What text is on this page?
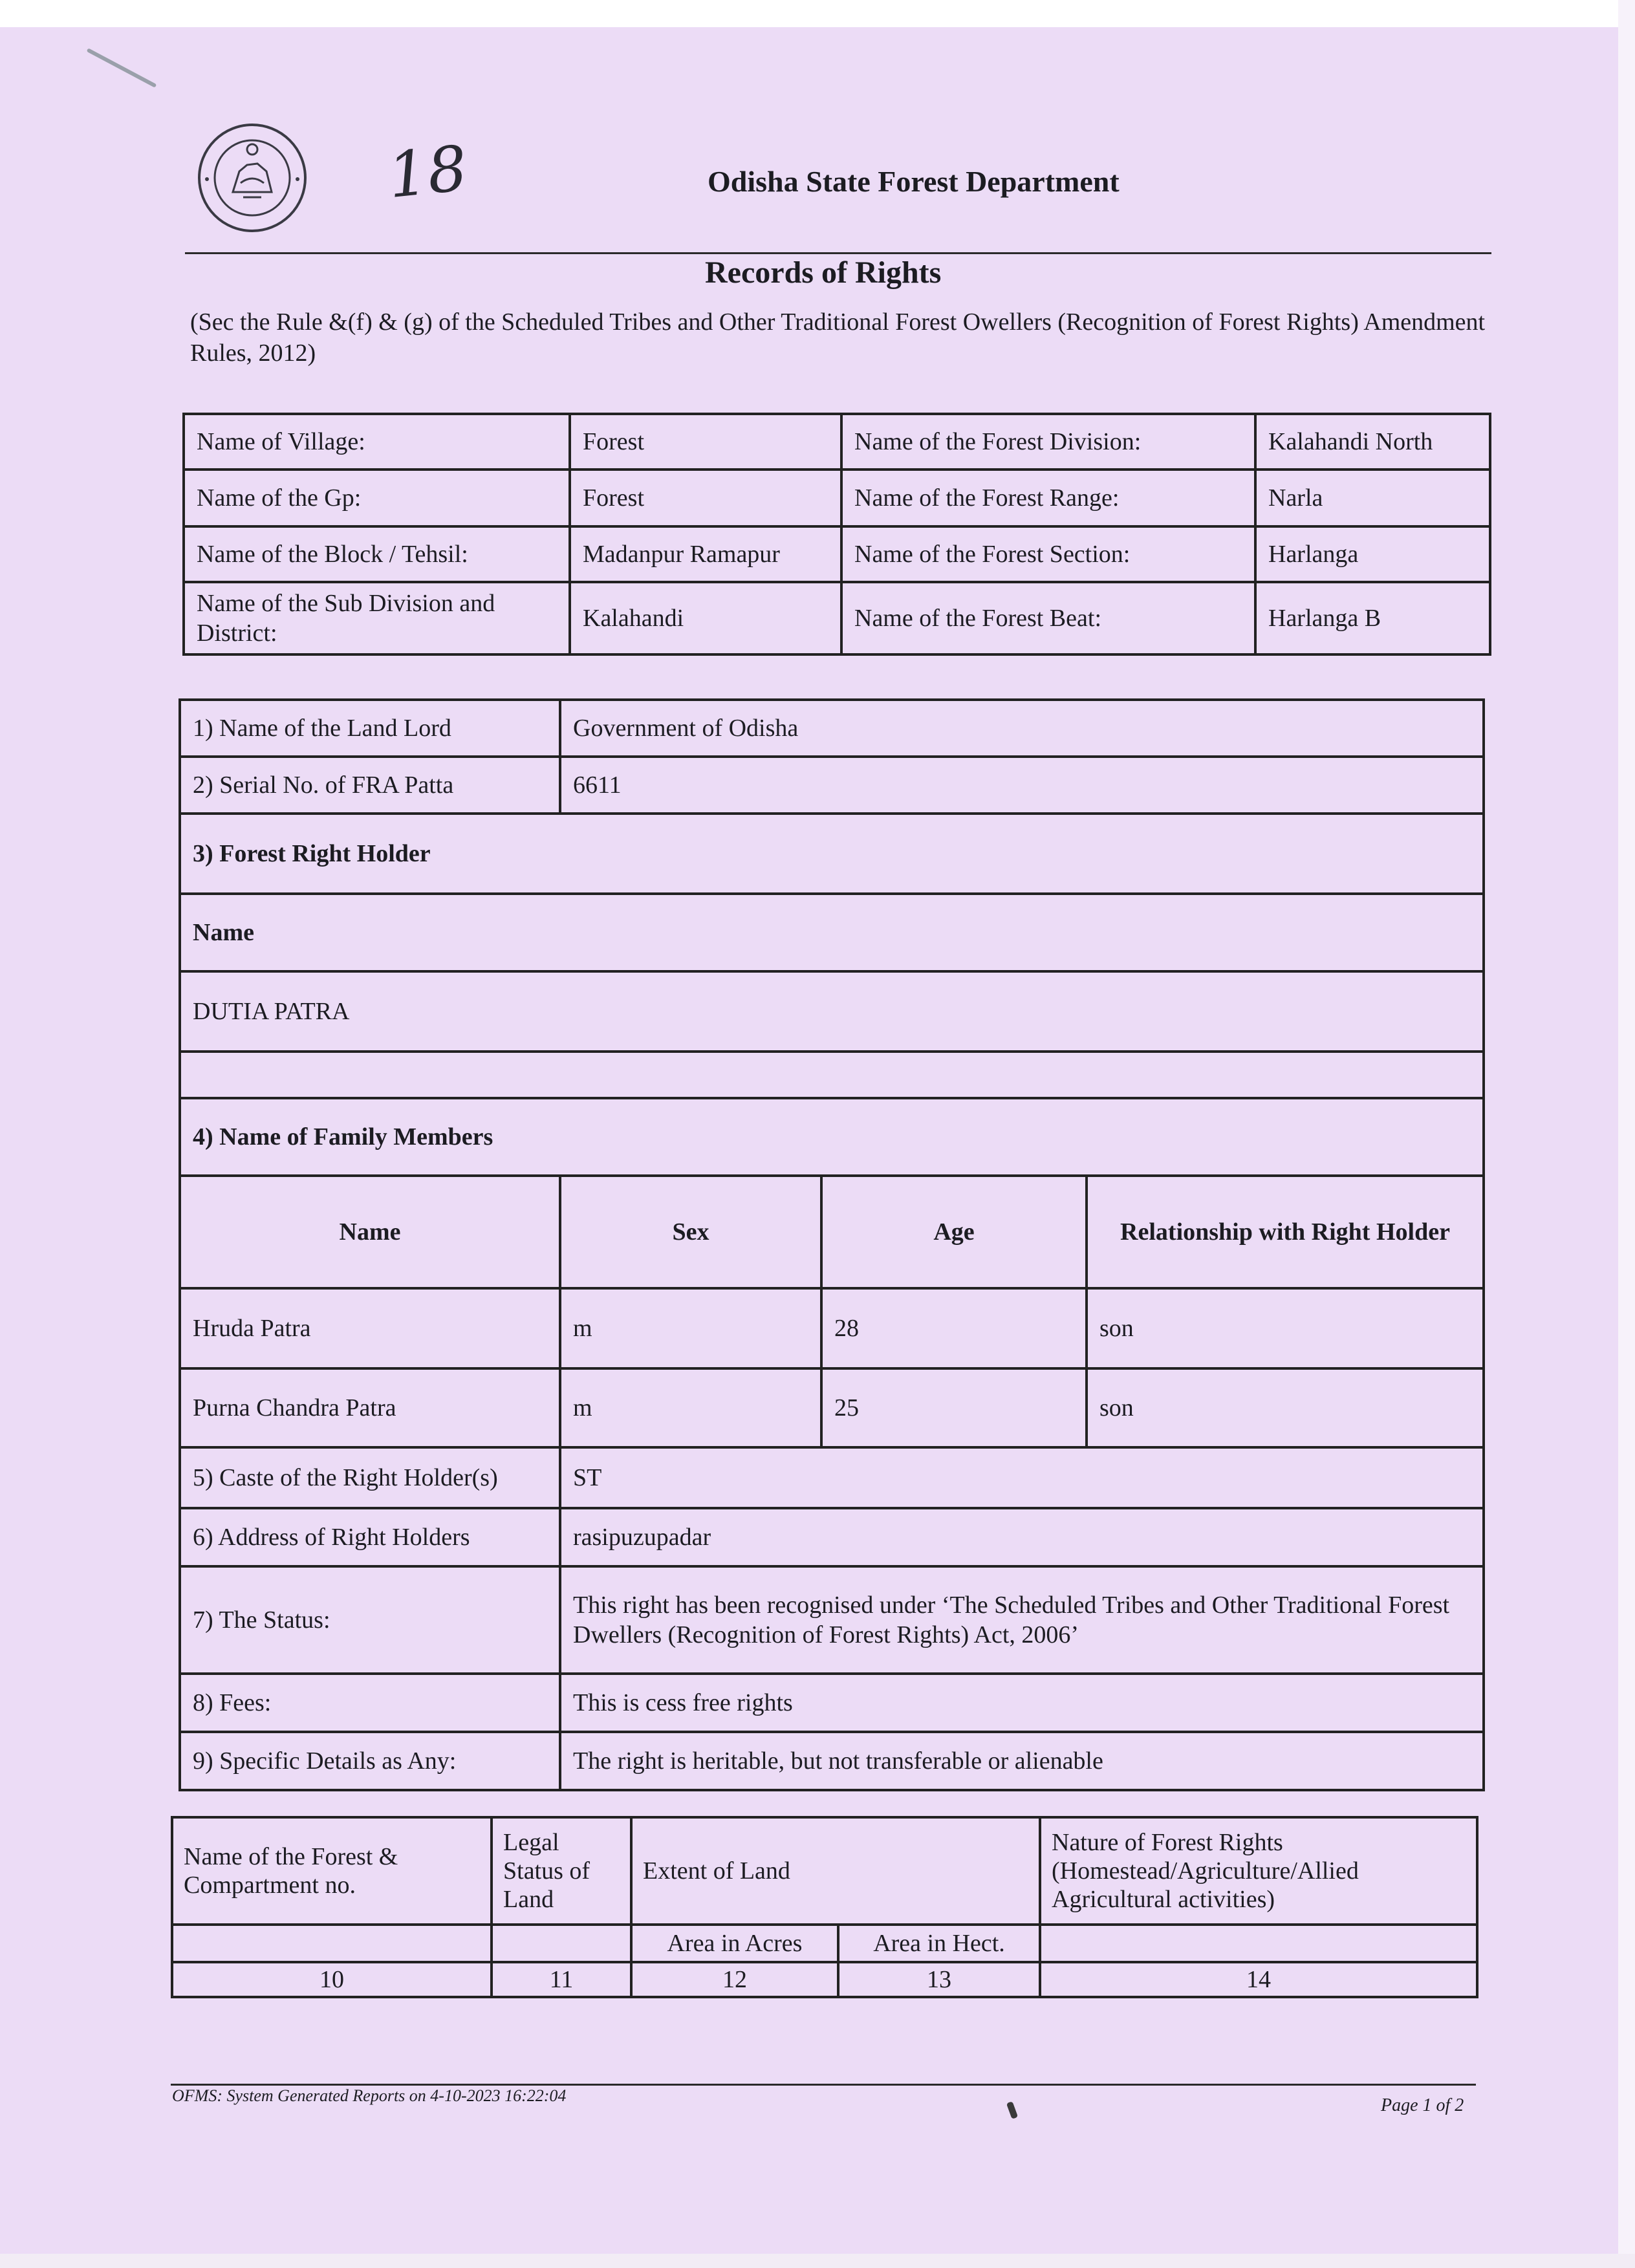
18	Odisha State Forest Department
Records of Rights
(Sec the Rule &(f) & (g) of the Scheduled Tribes and Other Traditional Forest Owellers (Recognition of Forest Rights) Amendment Rules, 2012)
Name of Village:	Forest	Name of the Forest Division:	Kalahandi North
Name of the Gp:	Forest	Name of the Forest Range:	Narla
Name of the Block / Tehsil:	Madanpur Ramapur	Name of the Forest Section:	Harlanga
Name of the Sub Division and District:	Kalahandi	Name of the Forest Beat:	Harlanga B
1) Name of the Land Lord	Government of Odisha		
2) Serial No. of FRA Patta	6611		
3) Forest Right Holder			
Name			
DUTIA PATRA			

4) Name of Family Members			
Name	Sex	Age	Relationship with Right Holder
Hruda Patra	m	28	son
Purna Chandra Patra	m	25	son
5) Caste of the Right Holder(s)	ST		
6) Address of Right Holders	rasipuzupadar		
7) The Status:	This right has been recognised under ‘The Scheduled Tribes and Other Traditional Forest Dwellers (Recognition of Forest Rights) Act, 2006’		
8) Fees:	This is cess free rights		
9) Specific Details as Any:	The right is heritable, but not transferable or alienable		
Name of the Forest & Compartment no.	Legal Status of Land	Extent of Land		Nature of Forest Rights (Homestead/Agriculture/Allied Agricultural activities)
		Area in Acres	Area in Hect.	
10	11	12	13	14
OFMS: System Generated Reports on 4-10-2023 16:22:04	Page 1 of 2
